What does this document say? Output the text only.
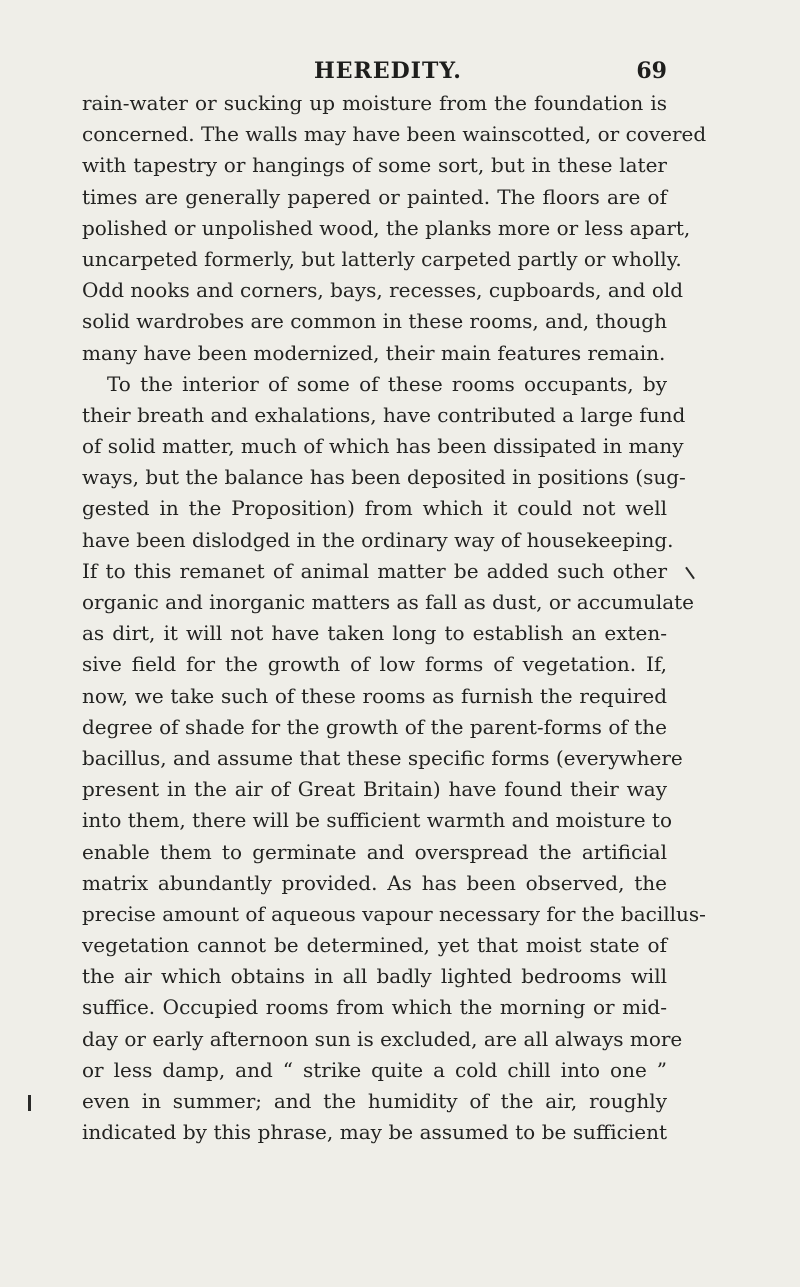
HEREDITY.	69
rain-water or sucking up moisture from the foundation is
concerned. The walls may have been wainscotted, or covered
with tapestry or hangings of some sort, but in these later
times are generally papered or painted. The floors are of
polished or unpolished wood, the planks more or less apart,
uncarpeted formerly, but latterly carpeted partly or wholly.
Odd nooks and corners, bays, recesses, cupboards, and old
solid wardrobes are common in these rooms, and, though
many have been modernized, their main features remain.
To the interior of some of these rooms occupants, by
their breath and exhalations, have contributed a large fund
of solid matter, much of which has been dissipated in many
ways, but the balance has been deposited in positions (sug-
gested in the Proposition) from which it could not well
have been dislodged in the ordinary way of housekeeping.
If to this remanet of animal matter be added such other
organic and inorganic matters as fall as dust, or accumulate
as dirt, it will not have taken long to establish an exten-
sive field for the growth of low forms of vegetation. If,
now, we take such of these rooms as furnish the required
degree of shade for the growth of the parent-forms of the
bacillus, and assume that these specific forms (everywhere
present in the air of Great Britain) have found their way
into them, there will be sufficient warmth and moisture to
enable them to germinate and overspread the artificial
matrix abundantly provided. As has been observed, the
precise amount of aqueous vapour necessary for the bacillus-
vegetation cannot be determined, yet that moist state of
the air which obtains in all badly lighted bedrooms will
suffice. Occupied rooms from which the morning or mid-
day or early afternoon sun is excluded, are all always more
or less damp, and “ strike quite a cold chill into one ”
even in summer; and the humidity of the air, roughly
indicated by this phrase, may be assumed to be sufficient
